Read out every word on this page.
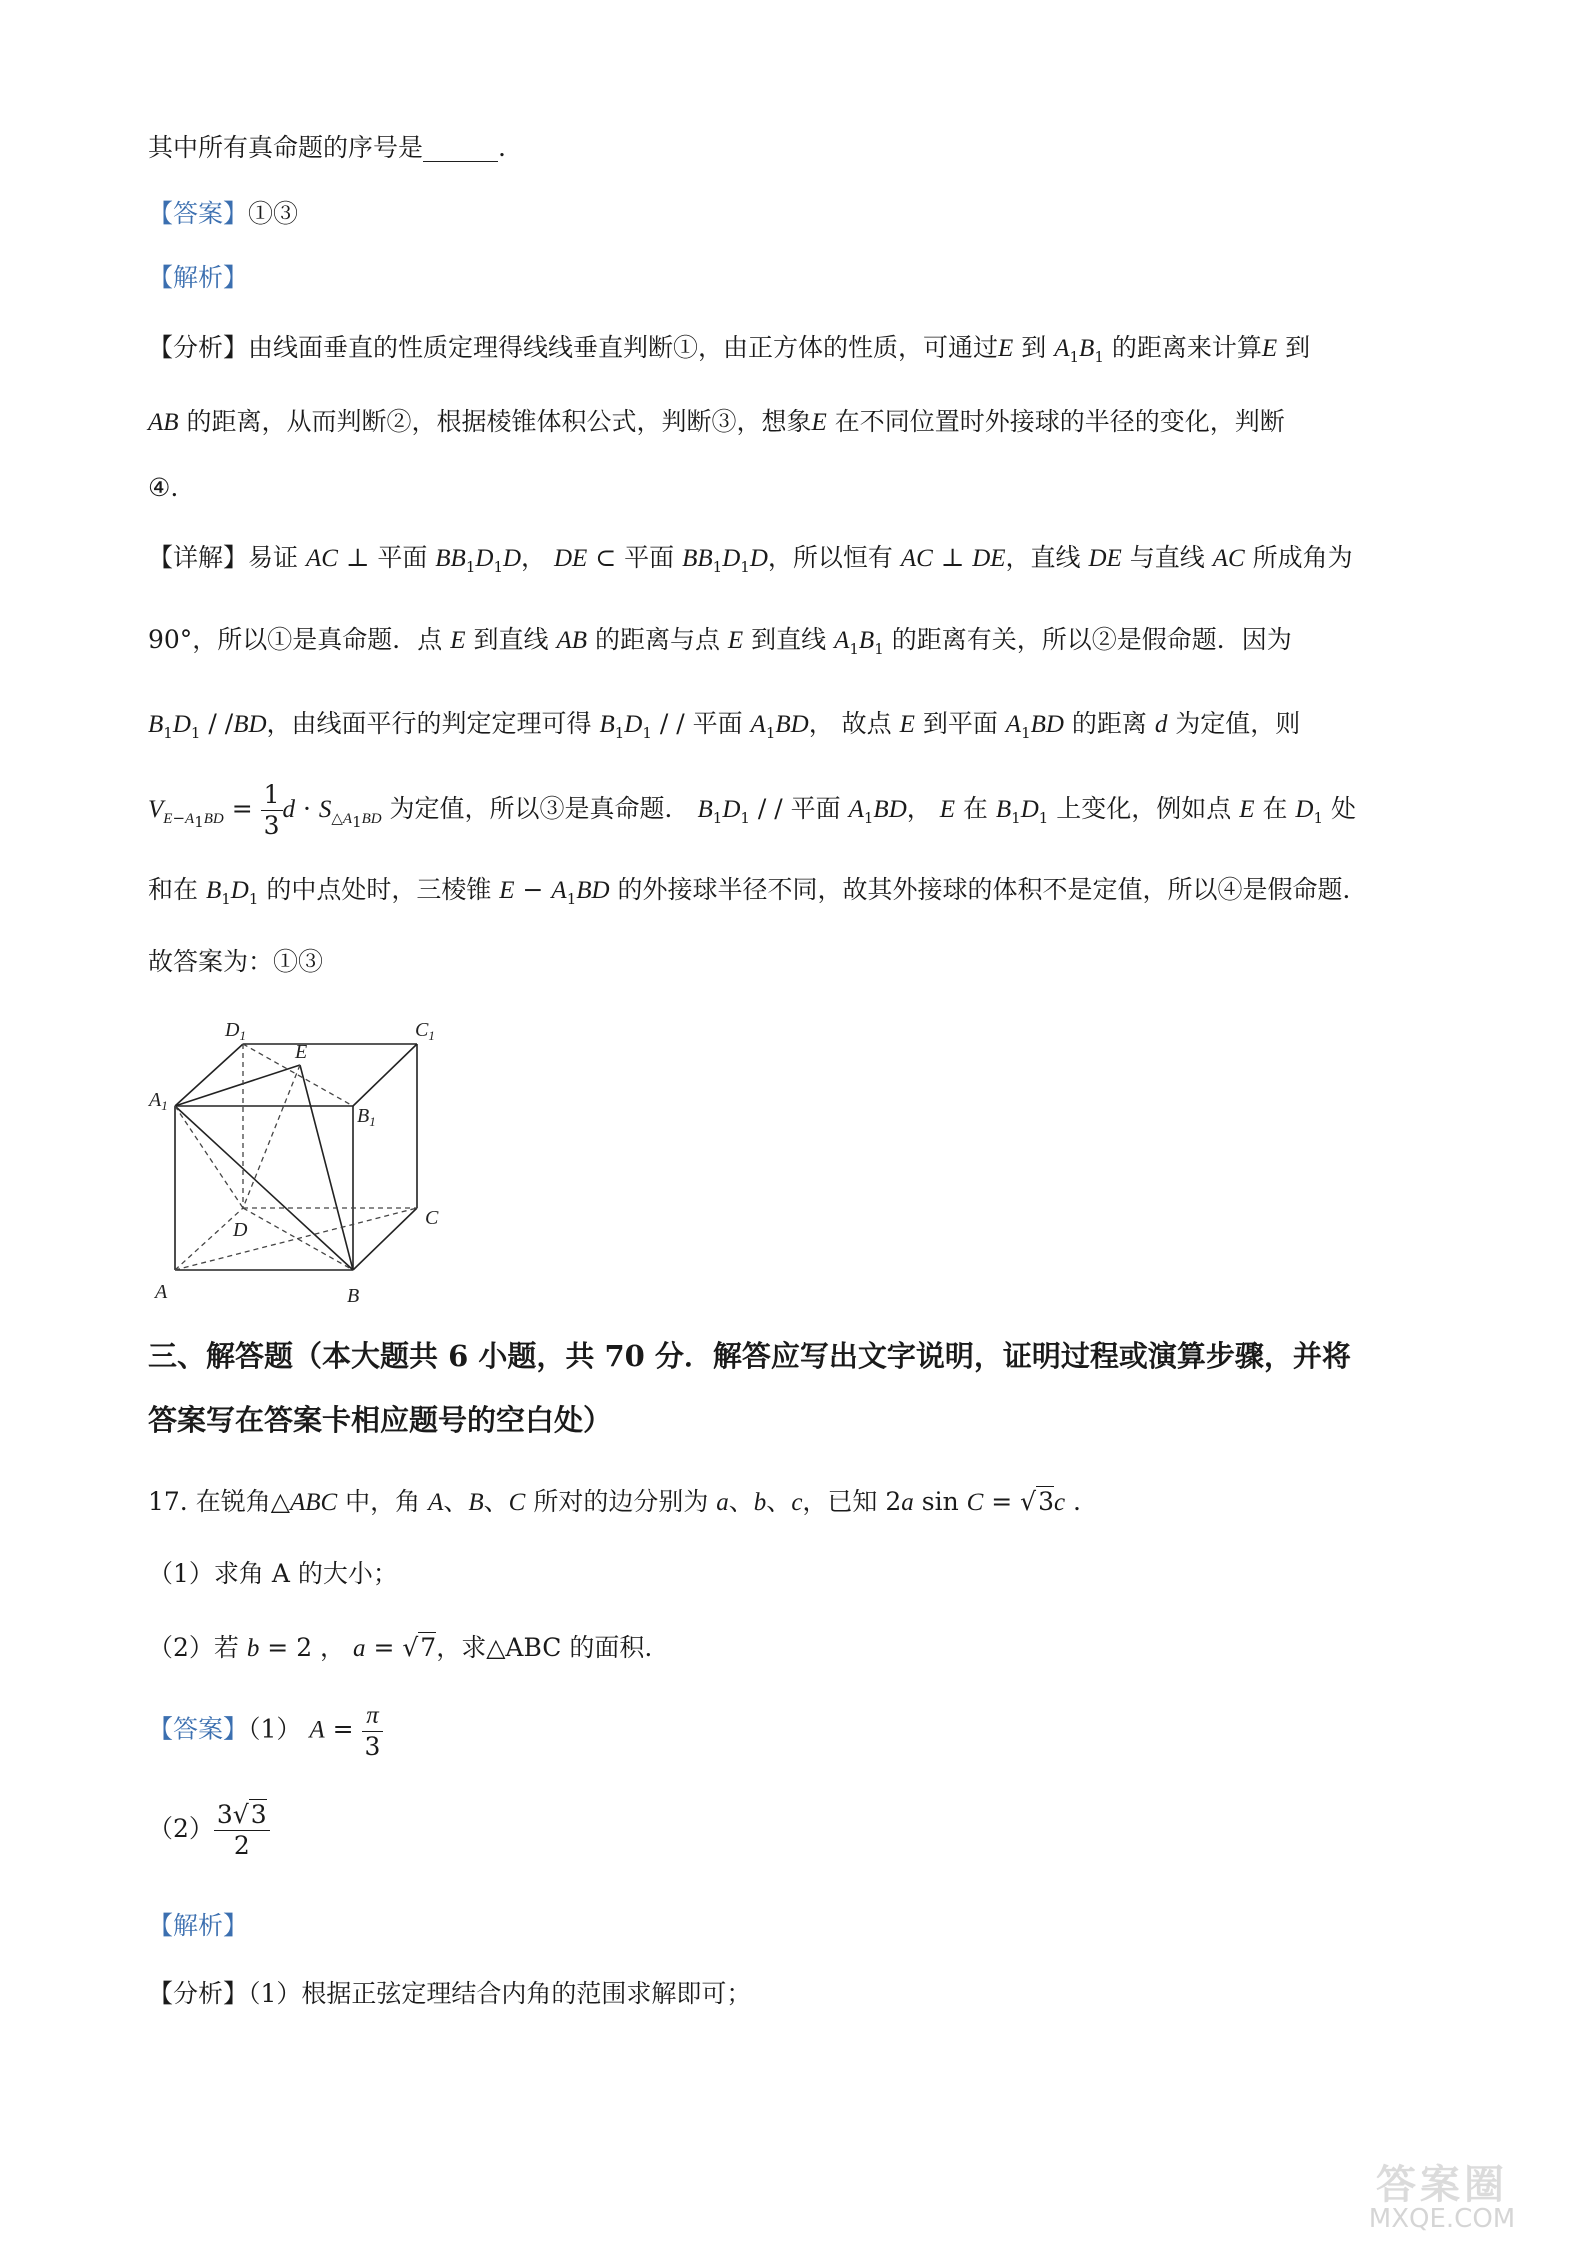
其中所有真命题的序号是______.
【答案】①③
【解析】
【分析】由线面垂直的性质定理得线线垂直判断①，由正方体的性质，可通过E 到 $A_1B_1$ 的距离来计算E 到
AB 的距离，从而判断②，根据棱锥体积公式，判断③，想象E 在不同位置时外接球的半径的变化，判断
④.
【详解】易证 AC ⊥ 平面 $BB_1D_1D$， DE ⊂ 平面 $BB_1D_1D$，所以恒有 AC ⊥ DE，直线 DE 与直线 AC 所成角为
90°，所以①是真命题．点 E 到直线 AB 的距离与点 E 到直线 $A_1B_1$ 的距离有关，所以②是假命题．因为
$B_1D_1 / /BD$，由线面平行的判定定理可得 $B_1D_1$ / / 平面 $A_1BD$， 故点 E 到平面 $A_1BD$ 的距离 d 为定值，则
$V_{E-A_1BD} = \frac{1}{3}$ $d \cdot S_{\triangle A_1BD}$ 为定值，所以③是真命题． $B_1D_1$ / / 平面 $A_1BD$， E 在 $B_1D_1$ 上变化，例如点 E 在 $D_1$ 处
和在 $B_1D_1$ 的中点处时，三棱锥 $E - A_1BD$ 的外接球半径不同，故其外接球的体积不是定值，所以④是假命题．
故答案为：①③
$D_1$	$C_1$
E
$A_1$	$B_1$
D
C
A	B
三、解答题（本大题共 6 小题，共 70 分．解答应写出文字说明，证明过程或演算步骤，并将
答案写在答案卡相应题号的空白处）
17. 在锐角△ABC 中，角 A、B、C 所对的边分别为 a、b、c，已知 2a sin C = √3c .
（1）求角 A 的大小；
（2）若 b = 2 ， a = √7，求△ABC 的面积.
【答案】（1） $A = \frac{\pi}{3}$
$(2) \frac{3√3}{2}$
【解析】
【分析】（1）根据正弦定理结合内角的范围求解即可；
答案圈
MXQE.COM
